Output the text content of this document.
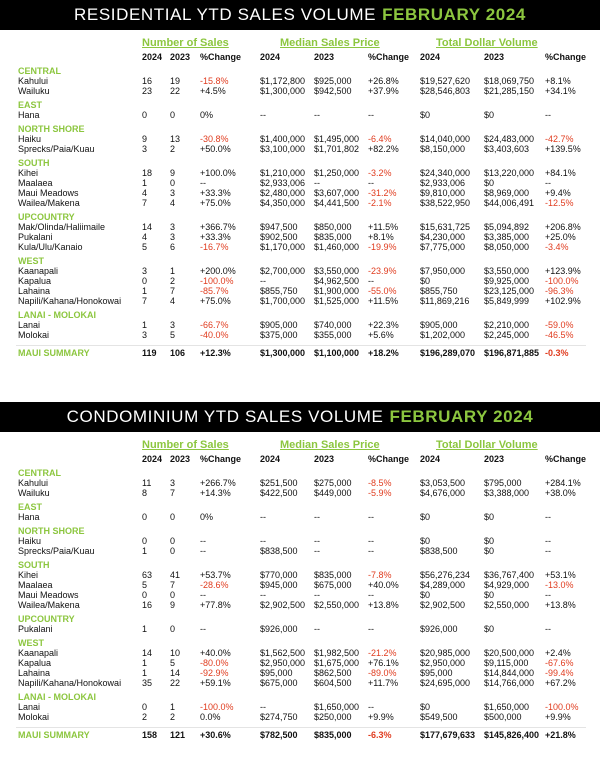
RESIDENTIAL YTD SALES VOLUME FEBRUARY 2024
Number of Sales	Median Sales Price	Total Dollar Volume
2024 2023 %Change 2024	2023	%Change 2024	2023	%Change
CENTRAL
Kahului	16 19 -15.8%	$1,172,800 $925,000 +26.8% $19,527,620 $18,069,750 +8.1%
Wailuku	23 22 +4.5%	$1,300,000 $942,500 +37.9% $28,546,803 $21,285,150 +34.1%
EAST
Hana	0	0	0%	--	--	--	$0	$0	--
NORTH SHORE
Haiku	9	13 -30.8%	$1,400,000 $1,495,000 -6.4%	$14,040,000 $24,483,000 -42.7%
Sprecks/Paia/Kuau	3	2	+50.0%	$3,100,000 $1,701,802 +82.2% $8,150,000 $3,403,603 +139.5%
SOUTH
Kihei	18 9	+100.0%	$1,210,000 $1,250,000 -3.2%	$24,340,000 $13,220,000 +84.1%
Maalaea	1	0	--	$2,933,006 --	--	$2,933,006 $0	--
Maui Meadows	4	3	+33.3%	$2,480,000 $3,607,000 -31.2%	$9,810,000 $8,969,000 +9.4%
Wailea/Makena	7	4	+75.0%	$4,350,000 $4,441,500 -2.1%	$38,522,950 $44,006,491 -12.5%
UPCOUNTRY
Mak/Olinda/Haliimaile	14 3	+366.7%	$947,500 $850,000 +11.5% $15,631,725 $5,094,892 +206.8%
Pukalani	4	3	+33.3%	$902,500 $835,000 +8.1%	$4,230,000 $3,385,000 +25.0%
Kula/Ulu/Kanaio	5	6	-16.7%	$1,170,000 $1,460,000 -19.9%	$7,775,000 $8,050,000 -3.4%
WEST
Kaanapali	3	1	+200.0%	$2,700,000 $3,550,000 -23.9%	$7,950,000 $3,550,000 +123.9%
Kapalua	0	2	-100.0%	--	$4,962,500 --	$0	$9,925,000 -100.0%
Lahaina	1	7	-85.7%	$855,750 $1,900,000 -55.0%	$855,750	$23,125,000 -96.3%
Napili/Kahana/Honokowai 7	4	+75.0%	$1,700,000 $1,525,000 +11.5% $11,869,216 $5,849,999 +102.9%
LANAI - MOLOKAI
Lanai	1	3	-66.7%	$905,000 $740,000 +22.3% $905,000	$2,210,000 -59.0%
Molokai	3	5	-40.0%	$375,000 $355,000 +5.6%	$1,202,000 $2,245,000 -46.5%
MAUI SUMMARY	119 106 +12.3%	$1,300,000 $1,100,000 +18.2% $196,289,070 $196,871,885 -0.3%
CONDOMINIUM YTD SALES VOLUME FEBRUARY 2024
Number of Sales	Median Sales Price	Total Dollar Volume
2024 2023 %Change 2024	2023	%Change 2024	2023	%Change
CENTRAL
Kahului	11 3	+266.7%	$251,500 $275,000 -8.5%	$3,053,500 $795,000	+284.1%
Wailuku	8	7	+14.3%	$422,500 $449,000 -5.9%	$4,676,000 $3,388,000 +38.0%
EAST
Hana	0	0	0%	--	--	--	$0	$0	--
NORTH SHORE
Haiku	0	0	--	--	--	--	$0	$0	--
Sprecks/Paia/Kuau	1	0	--	$838,500 --	--	$838,500	$0	--
SOUTH
Kihei	63 41 +53.7%	$770,000 $835,000 -7.8%	$56,276,234 $36,767,400 +53.1%
Maalaea	5	7	-28.6%	$945,000 $675,000 +40.0% $4,289,000 $4,929,000 -13.0%
Maui Meadows	0	0	--	--	--	--	$0	$0	--
Wailea/Makena	16 9	+77.8%	$2,902,500 $2,550,000 +13.8% $2,902,500 $2,550,000 +13.8%
UPCOUNTRY
Pukalani	1	0	--	$926,000 --	--	$926,000	$0	--
WEST
Kaanapali	14 10 +40.0%	$1,562,500 $1,982,500 -21.2%	$20,985,000 $20,500,000 +2.4%
Kapalua	1	5	-80.0%	$2,950,000 $1,675,000 +76.1% $2,950,000 $9,115,000 -67.6%
Lahaina	1	14 -92.9%	$95,000 $862,500 -89.0%	$95,000	$14,844,000 -99.4%
Napili/Kahana/Honokowai 35 22 +59.1%	$675,000 $604,500 +11.7% $24,695,000 $14,766,000 +67.2%
LANAI - MOLOKAI
Lanai	0	1	-100.0%	--	$1,650,000 --	$0	$1,650,000 -100.0%
Molokai	2	2	0.0%	$274,750 $250,000 +9.9%	$549,500	$500,000	+9.9%
MAUI SUMMARY	158 121 +30.6%	$782,500 $835,000 -6.3%	$177,679,633 $145,826,400 +21.8%
